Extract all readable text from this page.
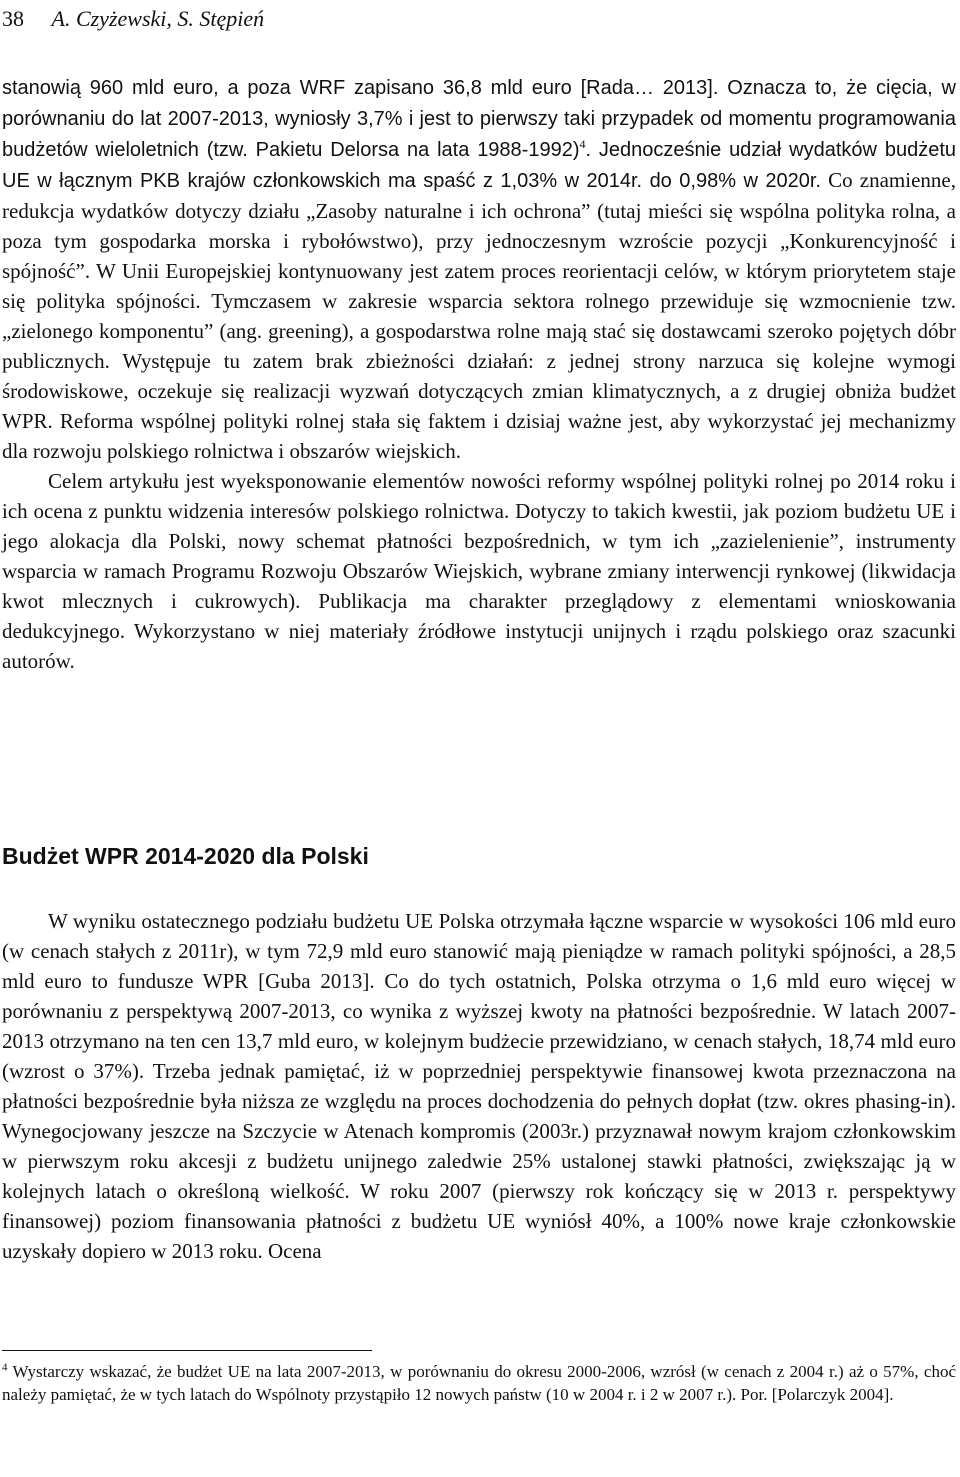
38 A. Czyżewski, S. Stępień

stanowią 960 mld euro, a poza WRF zapisano 36,8 mld euro [Rada… 2013]. Oznacza to, że cięcia, w porównaniu do lat 2007-2013, wyniosły 3,7% i jest to pierwszy taki przypadek od momentu programowania budżetów wieloletnich (tzw. Pakietu Delorsa na lata 1988-1992)$^4$. Jednocześnie udział wydatków budżetu UE w łącznym PKB krajów członkowskich ma spaść z 1,03% w 2014r. do 0,98% w 2020r. Co znamienne, redukcja wydatków dotyczy działu „Zasoby naturalne i ich ochrona” (tutaj mieści się wspólna polityka rolna, a poza tym gospodarka morska i rybołówstwo), przy jednoczesnym wzroście pozycji „Konkurencyjność i spójność”. W Unii Europejskiej kontynuowany jest zatem proces reorientacji celów, w którym priorytetem staje się polityka spójności. Tymczasem w zakresie wsparcia sektora rolnego przewiduje się wzmocnienie tzw. „zielonego komponentu” (ang. greening), a gospodarstwa rolne mają stać się dostawcami szeroko pojętych dóbr publicznych. Występuje tu zatem brak zbieżności działań: z jednej strony narzuca się kolejne wymogi środowiskowe, oczekuje się realizacji wyzwań dotyczących zmian klimatycznych, a z drugiej obniża budżet WPR. Reforma wspólnej polityki rolnej stała się faktem i dzisiaj ważne jest, aby wykorzystać jej mechanizmy dla rozwoju polskiego rolnictwa i obszarów wiejskich.

Celem artykułu jest wyeksponowanie elementów nowości reformy wspólnej polityki rolnej po 2014 roku i ich ocena z punktu widzenia interesów polskiego rolnictwa. Dotyczy to takich kwestii, jak poziom budżetu UE i jego alokacja dla Polski, nowy schemat płatności bezpośrednich, w tym ich „zazielenienie”, instrumenty wsparcia w ramach Programu Rozwoju Obszarów Wiejskich, wybrane zmiany interwencji rynkowej (likwidacja kwot mlecznych i cukrowych). Publikacja ma charakter przeglądowy z elementami wnioskowania dedukcyjnego. Wykorzystano w niej materiały źródłowe instytucji unijnych i rządu polskiego oraz szacunki autorów.

Budżet WPR 2014-2020 dla Polski

W wyniku ostatecznego podziału budżetu UE Polska otrzymała łączne wsparcie w wysokości 106 mld euro (w cenach stałych z 2011r), w tym 72,9 mld euro stanowić mają pieniądze w ramach polityki spójności, a 28,5 mld euro to fundusze WPR [Guba 2013]. Co do tych ostatnich, Polska otrzyma o 1,6 mld euro więcej w porównaniu z perspektywą 2007-2013, co wynika z wyższej kwoty na płatności bezpośrednie. W latach 2007-2013 otrzymano na ten cen 13,7 mld euro, w kolejnym budżecie przewidziano, w cenach stałych, 18,74 mld euro (wzrost o 37%). Trzeba jednak pamiętać, iż w poprzedniej perspektywie finansowej kwota przeznaczona na płatności bezpośrednie była niższa ze względu na proces dochodzenia do pełnych dopłat (tzw. okres phasing-in). Wynegocjowany jeszcze na Szczycie w Atenach kompromis (2003r.) przyznawał nowym krajom członkowskim w pierwszym roku akcesji z budżetu unijnego zaledwie 25% ustalonej stawki płatności, zwiększając ją w kolejnych latach o określoną wielkość. W roku 2007 (pierwszy rok kończący się w 2013 r. perspektywy finansowej) poziom finansowania płatności z budżetu UE wyniósł 40%, a 100% nowe kraje członkowskie uzyskały dopiero w 2013 roku. Ocena

$^4$ Wystarczy wskazać, że budżet UE na lata 2007-2013, w porównaniu do okresu 2000-2006, wzrósł (w cenach z 2004 r.) aż o 57%, choć należy pamiętać, że w tych latach do Wspólnoty przystąpiło 12 nowych państw (10 w 2004 r. i 2 w 2007 r.). Por. [Polarczyk 2004].
